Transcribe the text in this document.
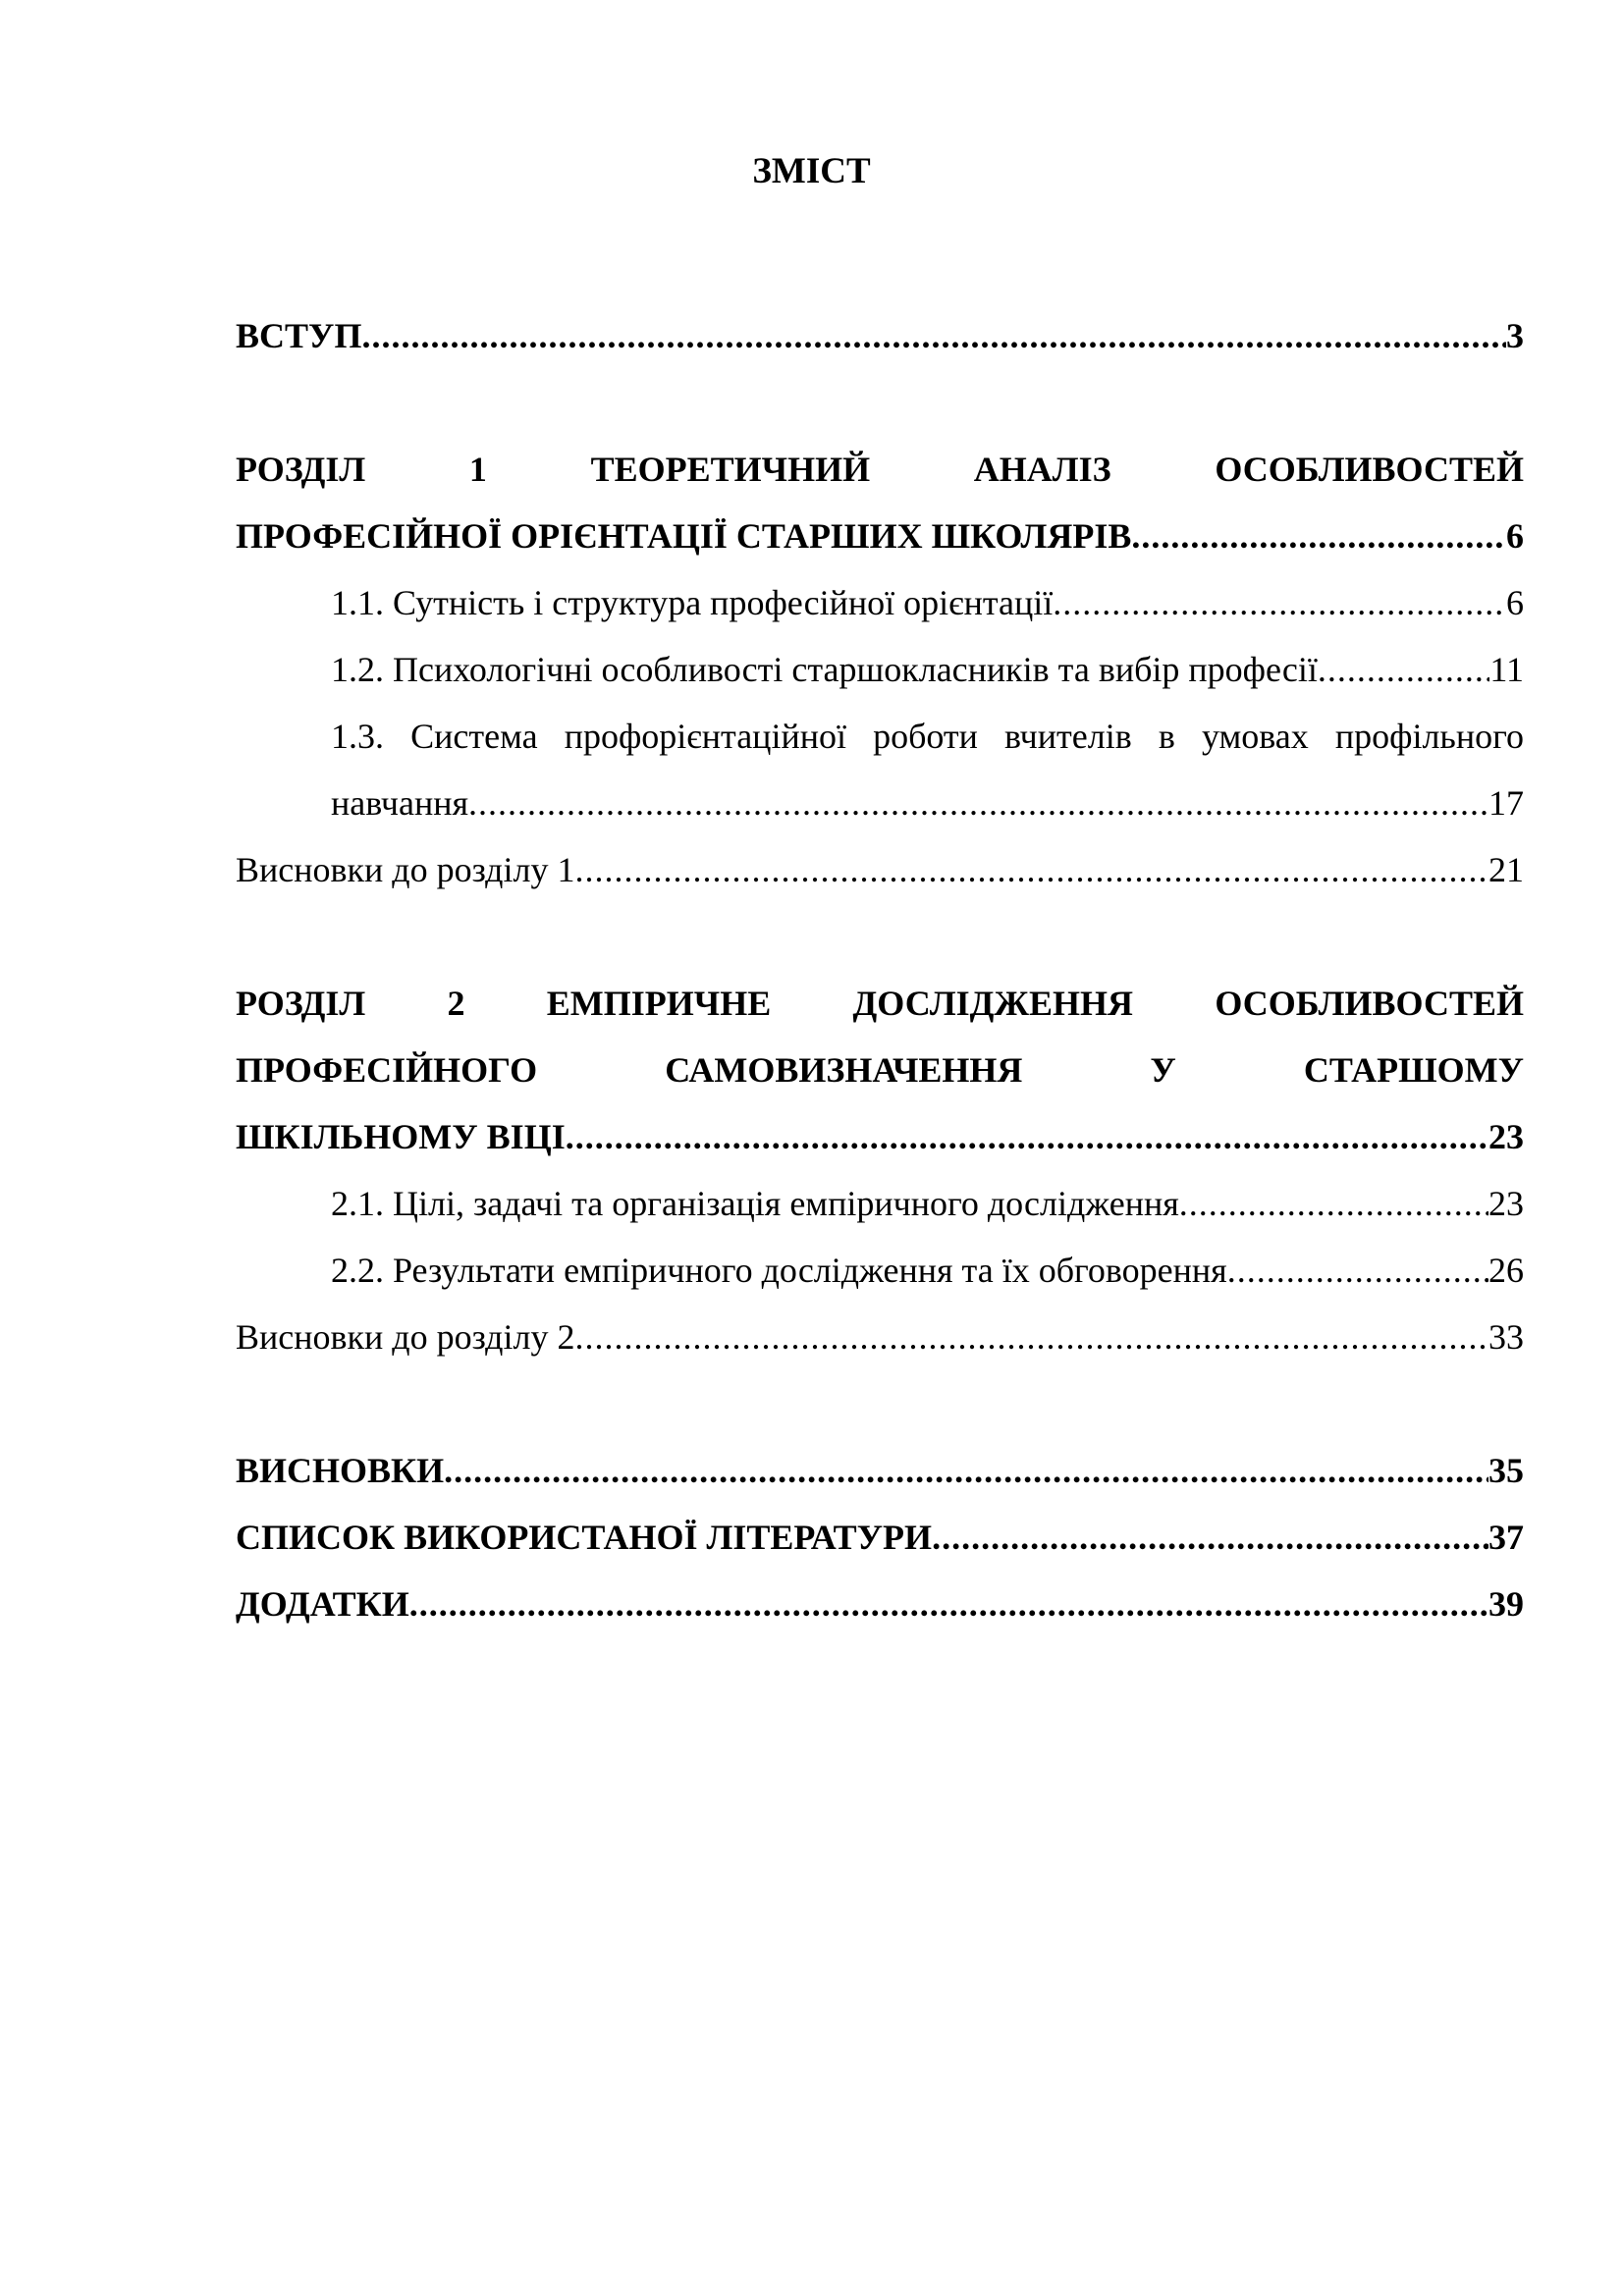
ЗМІСТ
ВСТУП .....	3
РОЗДІЛ 1 ТЕОРЕТИЧНИЙ АНАЛІЗ ОСОБЛИВОСТЕЙ
ПРОФЕСІЙНОЇ ОРІЄНТАЦІЇ СТАРШИХ ШКОЛЯРІВ .....	6
1.1. Сутність і структура професійної орієнтації .....	6
1.2. Психологічні особливості старшокласників та вибір професії .....	11
1.3. Система профорієнтаційної роботи вчителів в умовах профільного
навчання .....	17
Висновки до розділу 1 .....	21
РОЗДІЛ 2 ЕМПІРИЧНЕ ДОСЛІДЖЕННЯ ОСОБЛИВОСТЕЙ
ПРОФЕСІЙНОГО САМОВИЗНАЧЕННЯ У СТАРШОМУ
ШКІЛЬНОМУ ВІЦІ .....	23
2.1. Цілі, задачі та організація емпіричного дослідження .....	23
2.2. Результати емпіричного дослідження та їх обговорення .....	26
Висновки до розділу 2 .....	33
ВИСНОВКИ .....	35
СПИСОК ВИКОРИСТАНОЇ ЛІТЕРАТУРИ .....	37
ДОДАТКИ .....	39
